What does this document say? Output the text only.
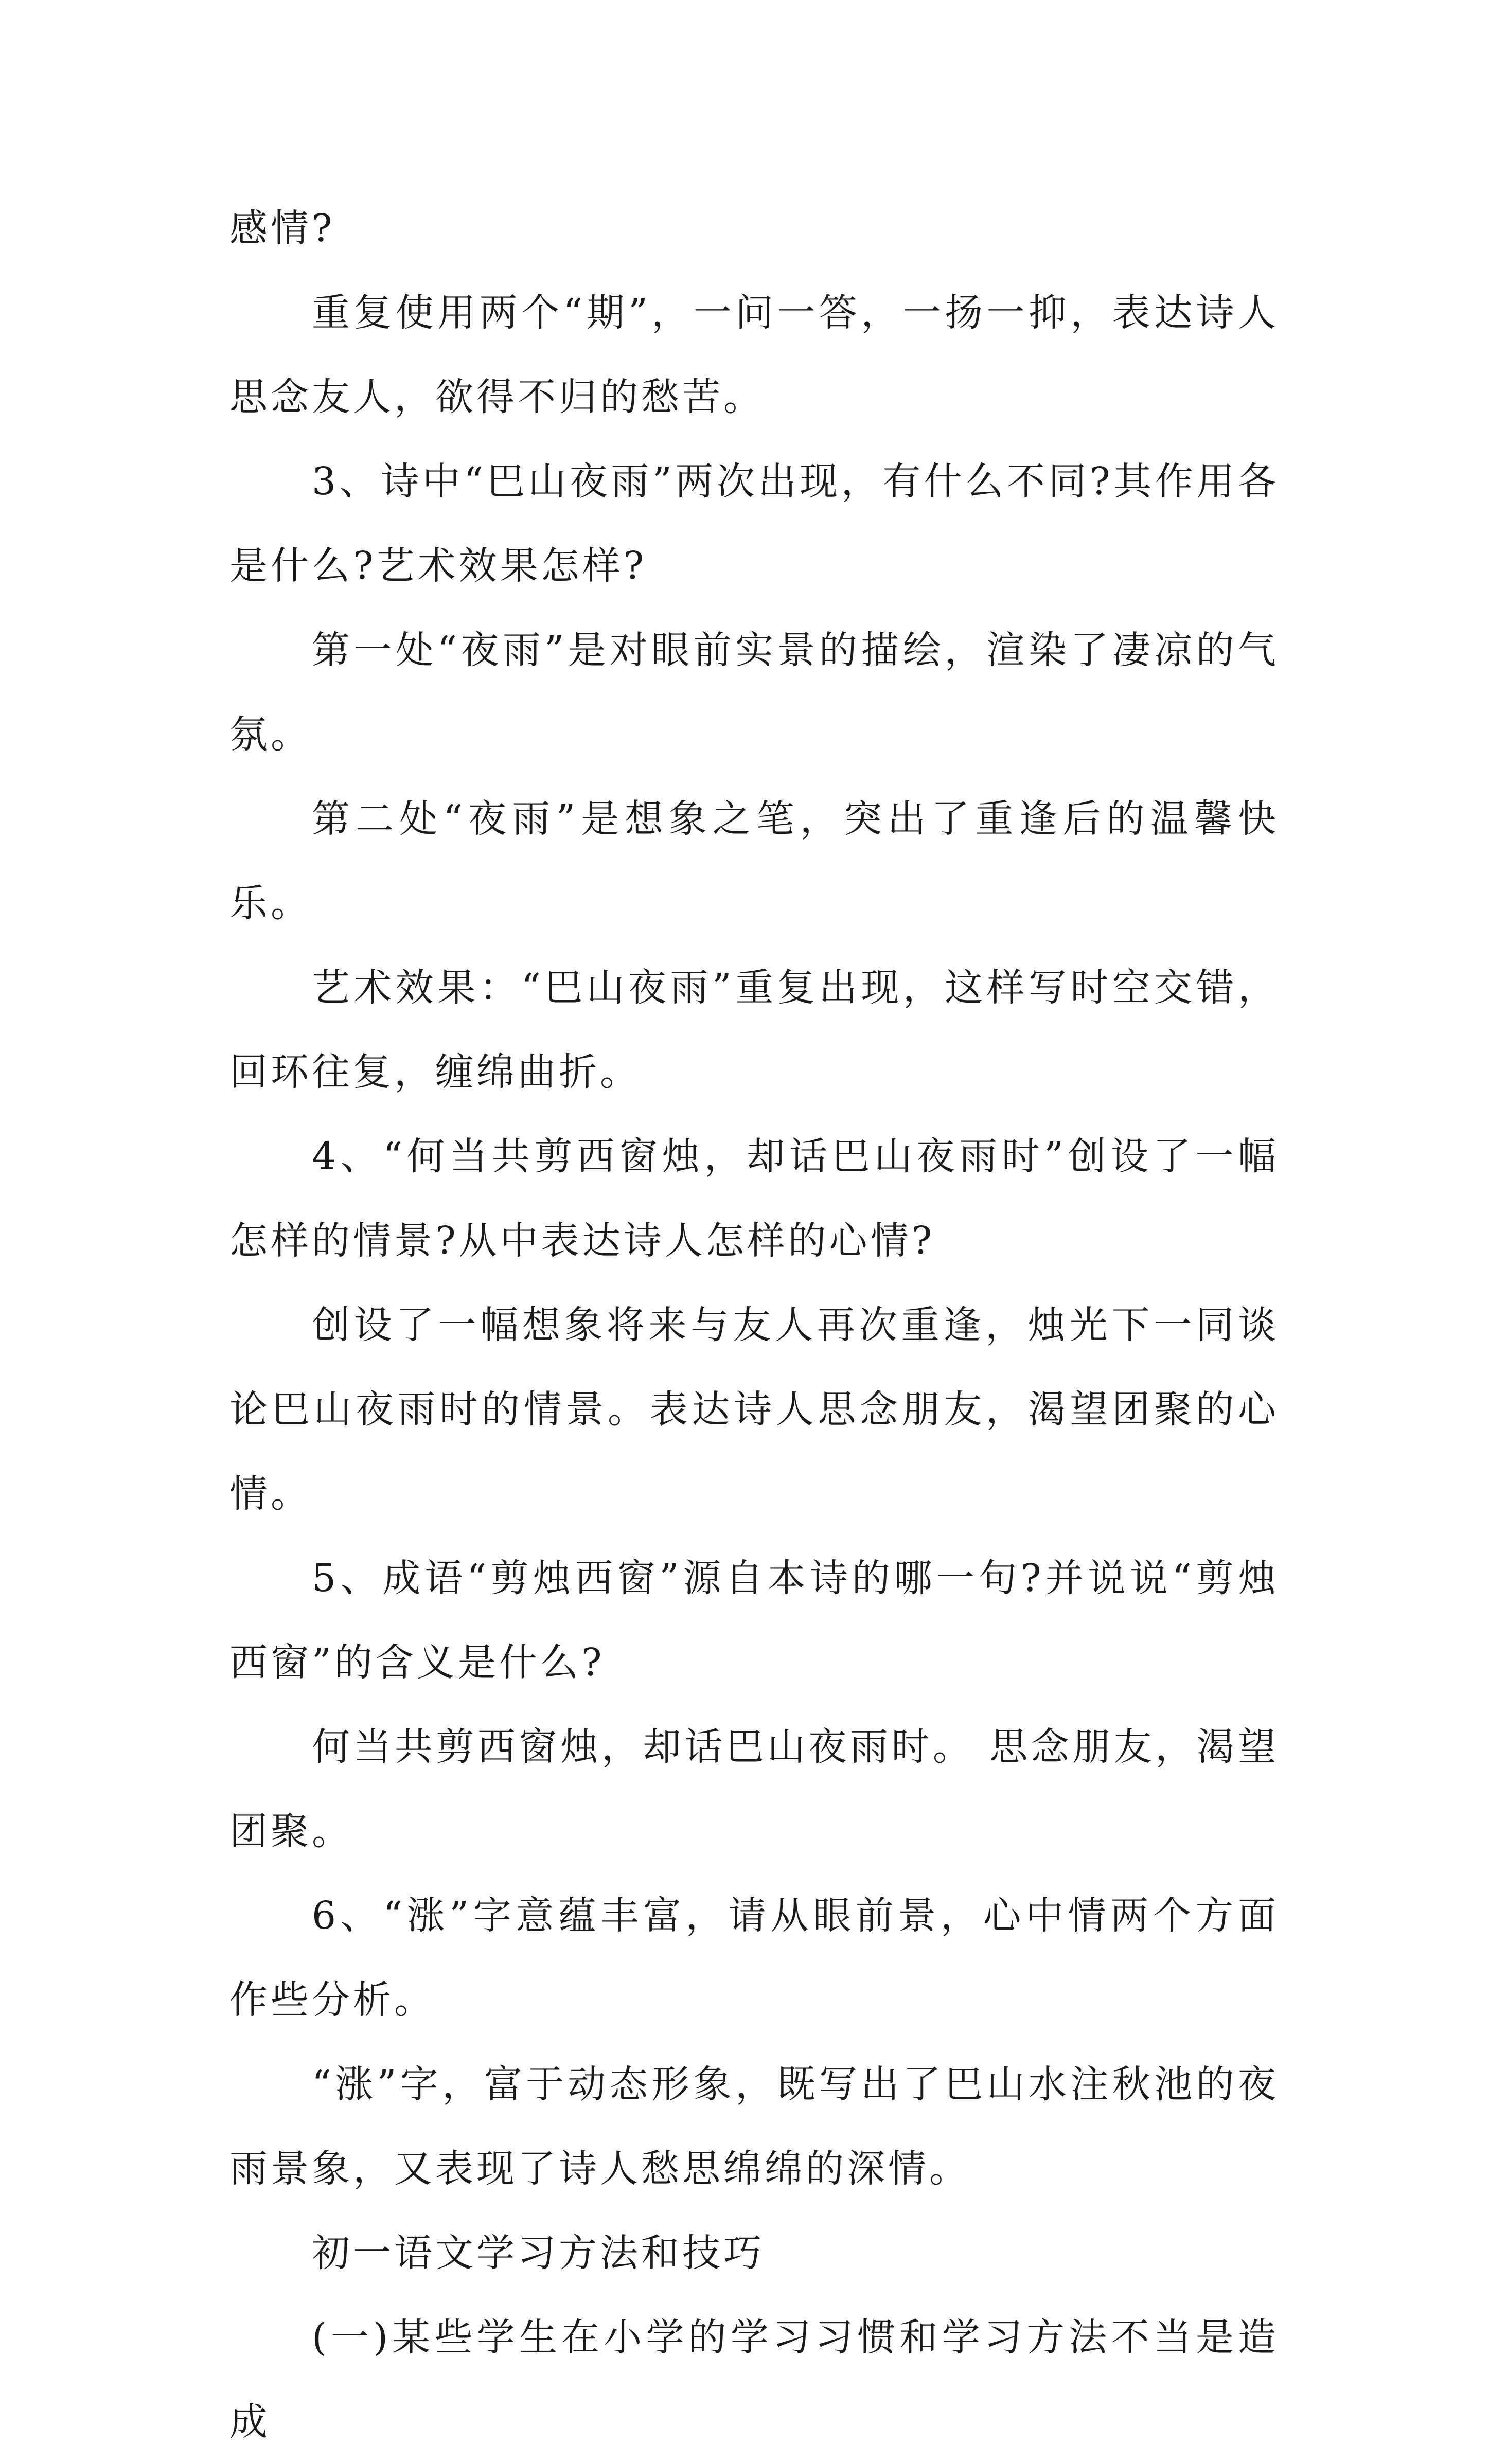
感情?

重复使用两个“期”，一问一答，一扬一抑，表达诗人思念友人，欲得不归的愁苦。

3、诗中“巴山夜雨”两次出现，有什么不同?其作用各是什么?艺术效果怎样?

第一处“夜雨”是对眼前实景的描绘，渲染了凄凉的气氛。

第二处“夜雨”是想象之笔，突出了重逢后的温馨快乐。

艺术效果：“巴山夜雨”重复出现，这样写时空交错，回环往复，缠绵曲折。

4、“何当共剪西窗烛，却话巴山夜雨时”创设了一幅怎样的情景?从中表达诗人怎样的心情?

创设了一幅想象将来与友人再次重逢，烛光下一同谈论巴山夜雨时的情景。表达诗人思念朋友，渴望团聚的心情。

5、成语“剪烛西窗”源自本诗的哪一句?并说说“剪烛西窗”的含义是什么?

何当共剪西窗烛，却话巴山夜雨时。 思念朋友，渴望团聚。

6、“涨”字意蕴丰富，请从眼前景，心中情两个方面作些分析。

“涨”字，富于动态形象，既写出了巴山水注秋池的夜雨景象，又表现了诗人愁思绵绵的深情。

初一语文学习方法和技巧

(一)某些学生在小学的学习习惯和学习方法不当是造成
